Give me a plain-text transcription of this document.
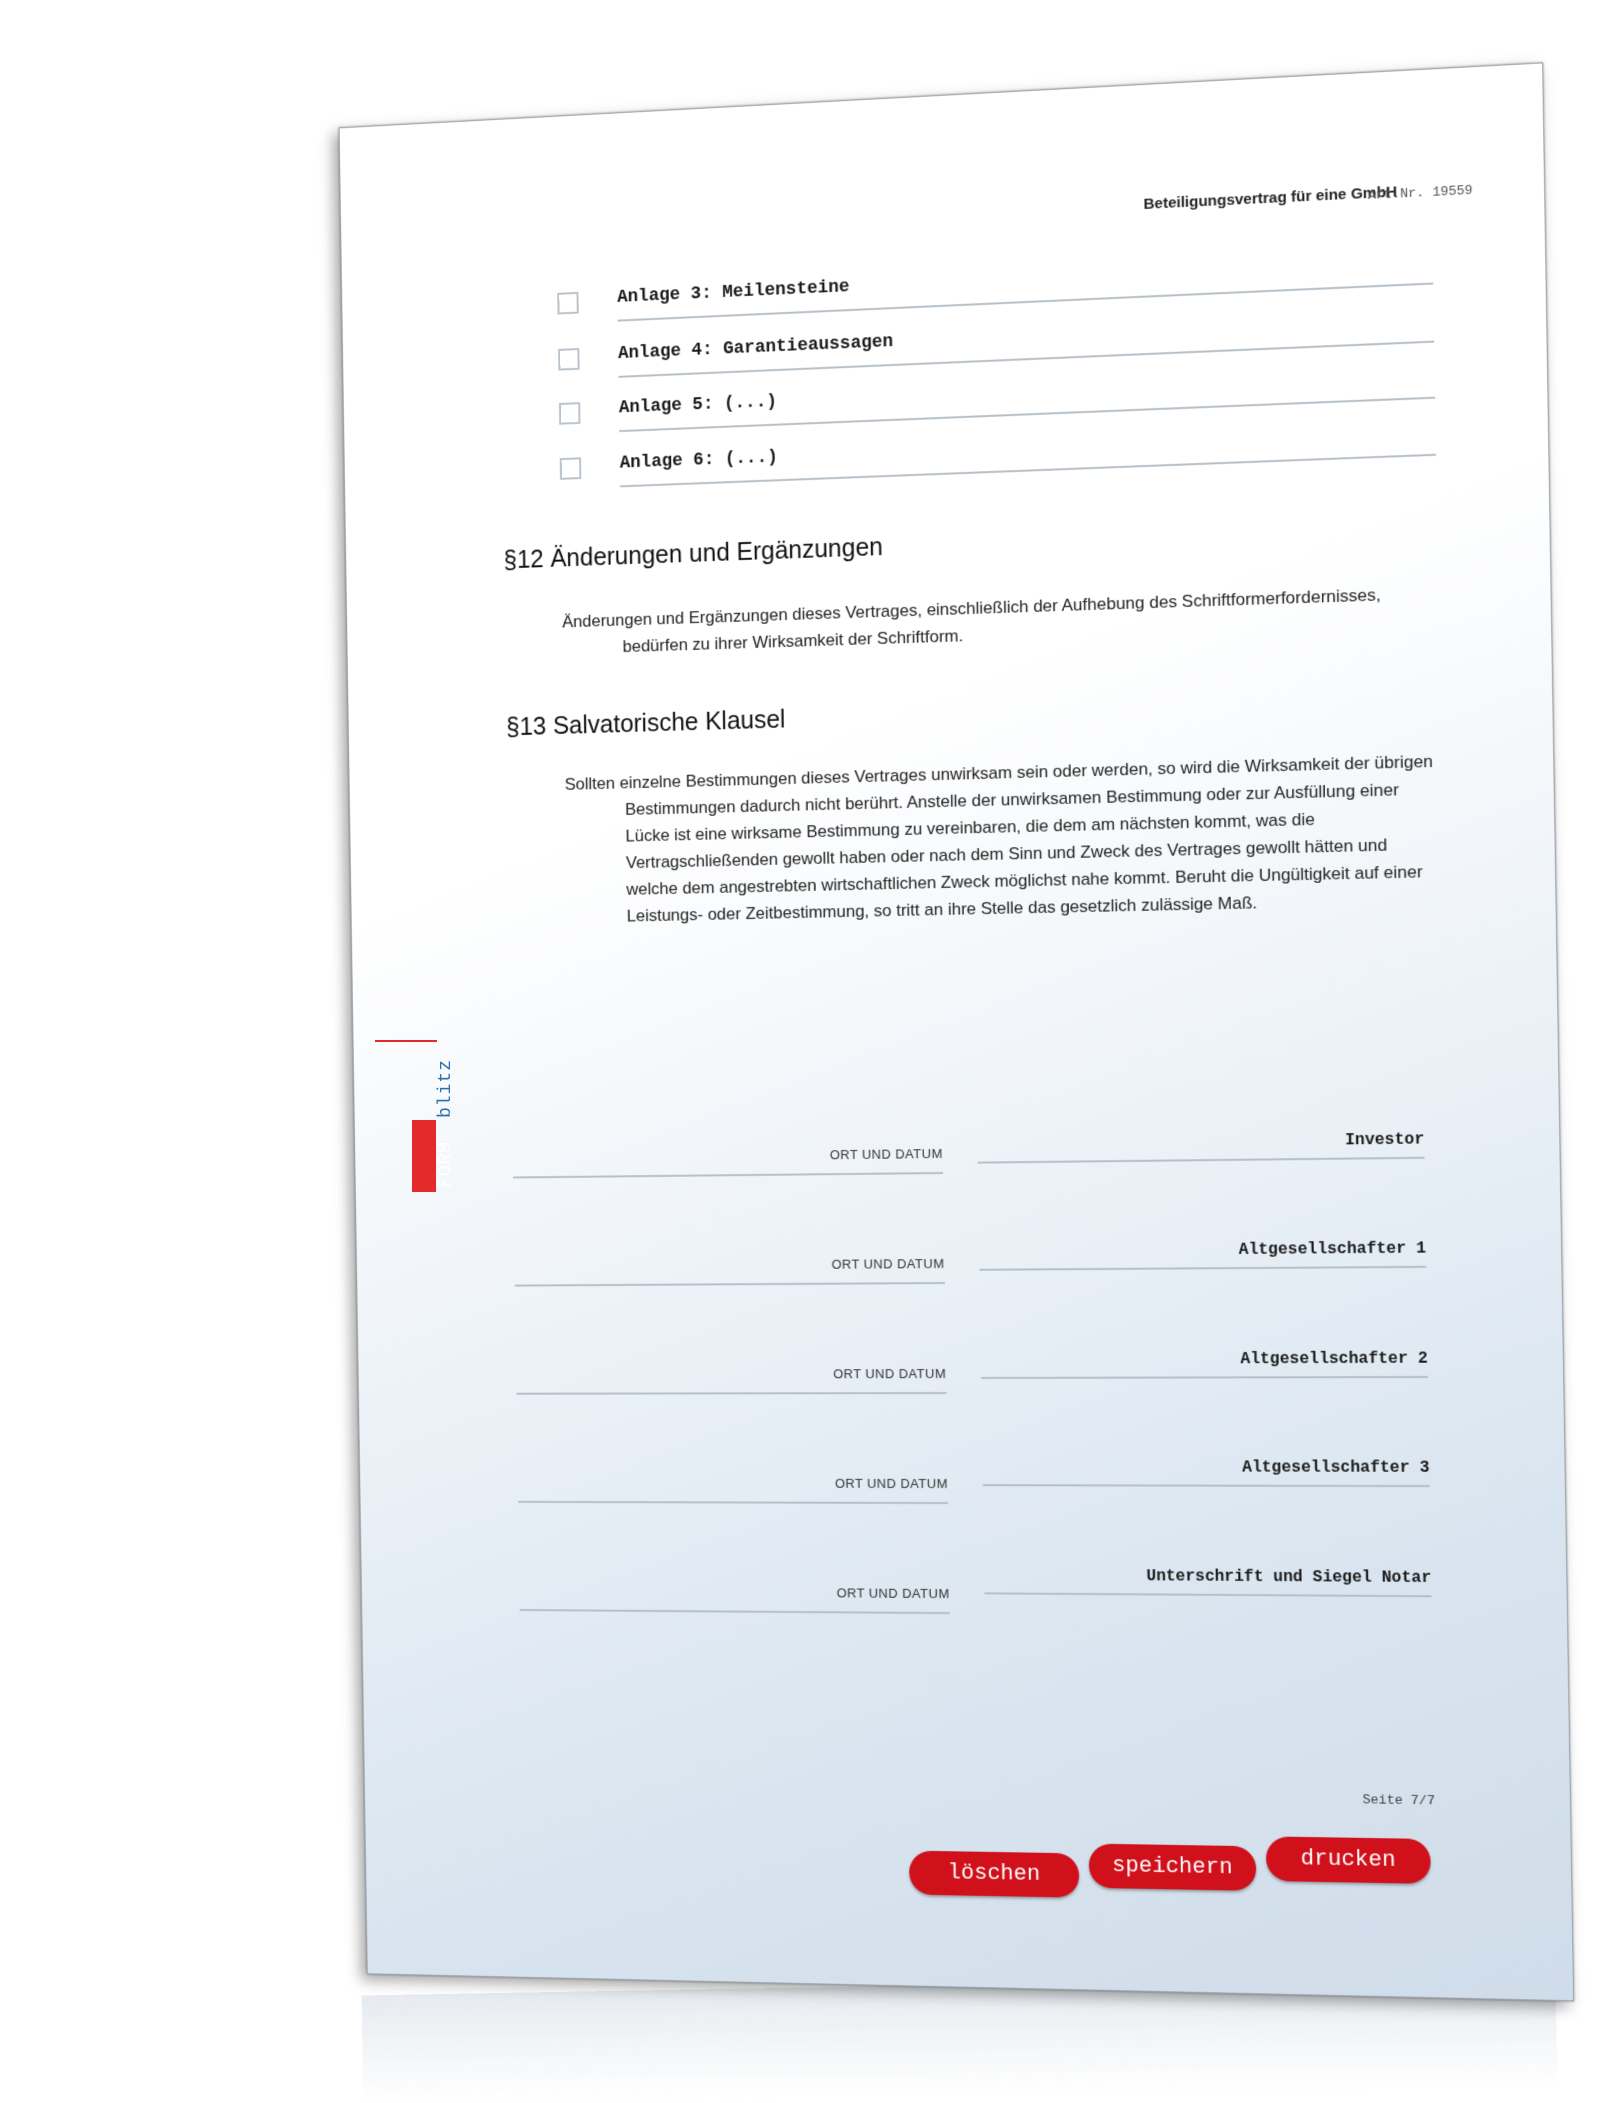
Beteiligungsvertrag für eine GmbH
Art.Nr. 19559
Anlage 3: Meilensteine
Anlage 4: Garantieaussagen
Anlage 5: (...)
Anlage 6: (...)
§12 Änderungen und Ergänzungen

Änderungen und Ergänzungen dieses Vertrages, einschließlich der Aufhebung des Schriftformerfordernisses, bedürfen zu ihrer Wirksamkeit der Schriftform.

§13 Salvatorische Klausel

Sollten einzelne Bestimmungen dieses Vertrages unwirksam sein oder werden, so wird die Wirksamkeit der übrigen Bestimmungen dadurch nicht berührt. Anstelle der unwirksamen Bestimmung oder zur Ausfüllung einer Lücke ist eine wirksame Bestimmung zu vereinbaren, die dem am nächsten kommt, was die Vertragschließenden gewollt haben oder nach dem Sinn und Zweck des Vertrages gewollt hätten und welche dem angestrebten wirtschaftlichen Zweck möglichst nahe kommt. Beruht die Ungültigkeit auf einer Leistungs- oder Zeitbestimmung, so tritt an ihre Stelle das gesetzlich zulässige Maß.

ORT UND DATUM
Investor
ORT UND DATUM
Altgesellschafter 1
ORT UND DATUM
Altgesellschafter 2
ORT UND DATUM
Altgesellschafter 3
ORT UND DATUM
Unterschrift und Siegel Notar
Seite 7/7
löschen	speichern	drucken
FORMblitz
